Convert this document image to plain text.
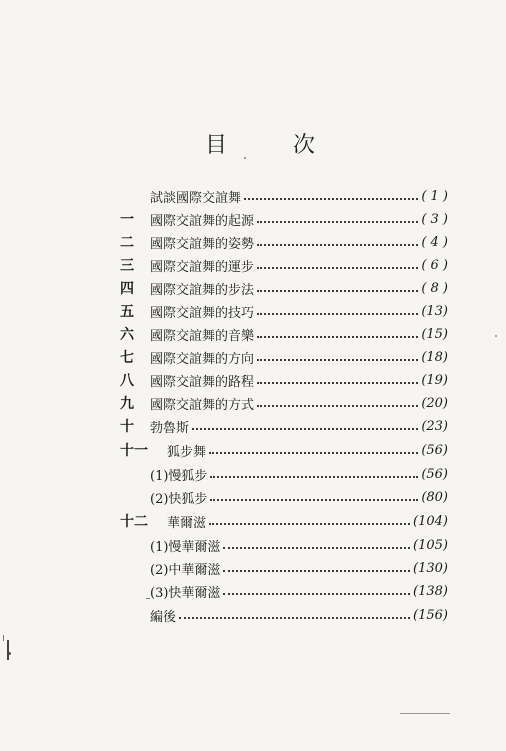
目	次
試談國際交誼舞	( 1 )
一 國際交誼舞的起源	( 3 )
二 國際交誼舞的姿勢	( 4 )
三 國際交誼舞的運步	( 6 )
四 國際交誼舞的步法	( 8 )
五 國際交誼舞的技巧	(13)
六 國際交誼舞的音樂	(15)
七 國際交誼舞的方向	(18)
八 國際交誼舞的路程	(19)
九 國際交誼舞的方式	(20)
十 勃魯斯	(23)
十一 狐步舞	(56)
(1)慢狐步	(56)
(2)快狐步	(80)
十二 華爾滋	(104)
(1)慢華爾滋	(105)
(2)中華爾滋	(130)
(3)快華爾滋	(138)
編後	(156)
